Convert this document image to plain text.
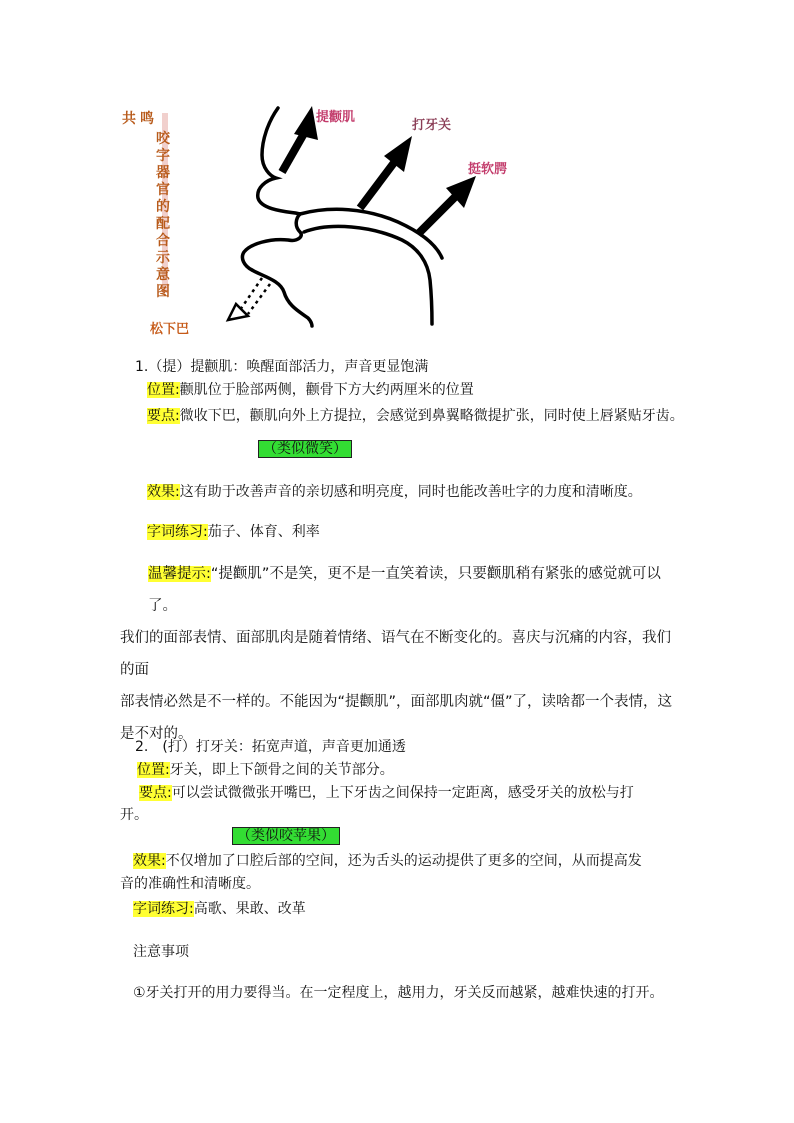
共 鸣
咬
字
器
官
的
配
合
示
意
图
提颧肌
打牙关
挺软腭
松下巴
1.（提）提颧肌：唤醒面部活力，声音更显饱满
位置:颧肌位于脸部两侧，颧骨下方大约两厘米的位置
要点:微收下巴，颧肌向外上方提拉，会感觉到鼻翼略微提扩张，同时使上唇紧贴牙齿。
（类似微笑）
效果:这有助于改善声音的亲切感和明亮度，同时也能改善吐字的力度和清晰度。
字词练习:茄子、体育、利率
温馨提示:“提颧肌”不是笑，更不是一直笑着读，只要颧肌稍有紧张的感觉就可以了。
我们的面部表情、面部肌肉是随着情绪、语气在不断变化的。喜庆与沉痛的内容，我们的面
部表情必然是不一样的。不能因为“提颧肌”，面部肌肉就“僵”了，读啥都一个表情，这
是不对的。
2.　(打）打牙关：拓宽声道，声音更加通透
位置:牙关，即上下颌骨之间的关节部分。
要点:可以尝试微微张开嘴巴，上下牙齿之间保持一定距离，感受牙关的放松与打
开。
（类似咬苹果）
效果:不仅增加了口腔后部的空间，还为舌头的运动提供了更多的空间，从而提高发
音的准确性和清晰度。
字词练习:高歌、果敢、改革
注意事项
①牙关打开的用力要得当。在一定程度上，越用力，牙关反而越紧，越难快速的打开。
